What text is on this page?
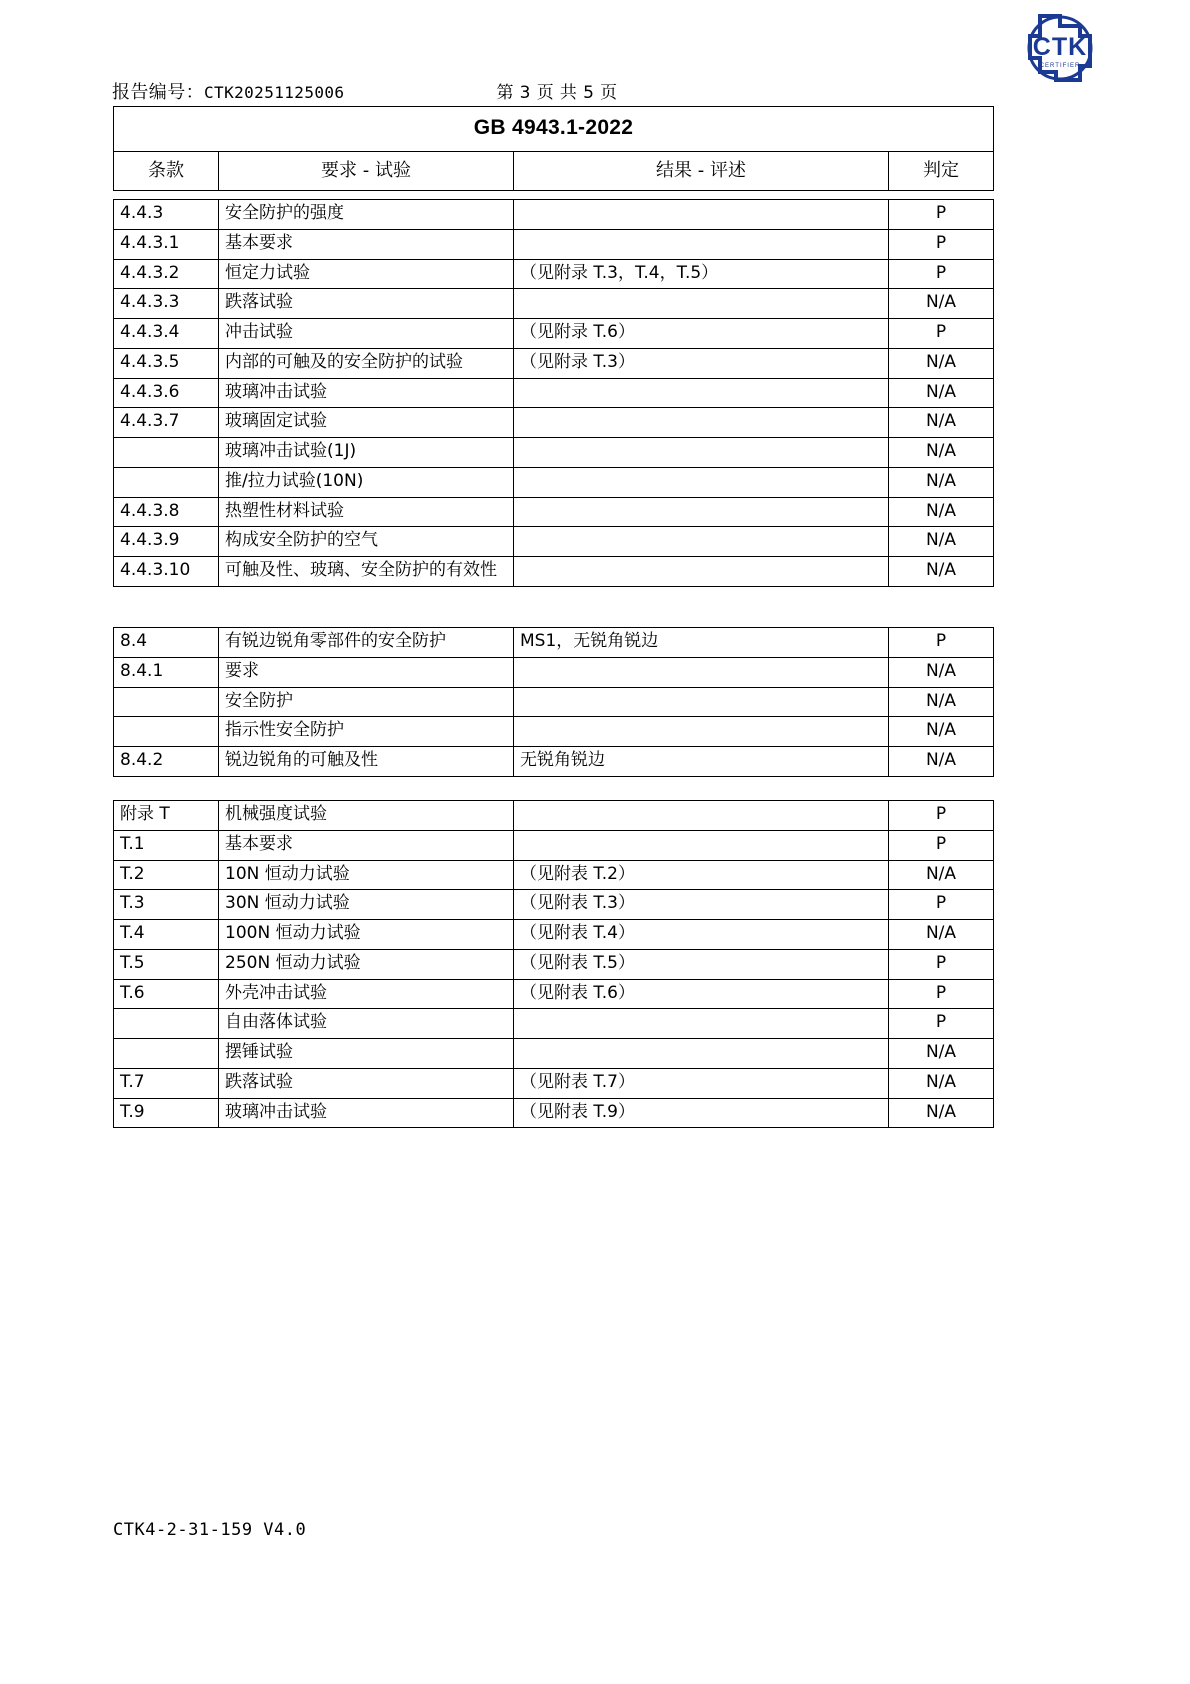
CTK
CERTIFIER
报告编号：CTK20251125006	第 3 页 共 5 页
GB 4943.1-2022
条款	要求 - 试验	结果 - 评述	判定
4.4.3	安全防护的强度		P
4.4.3.1	基本要求		P
4.4.3.2	恒定力试验	（见附录 T.3，T.4，T.5）	P
4.4.3.3	跌落试验		N/A
4.4.3.4	冲击试验	（见附录 T.6）	P
4.4.3.5	内部的可触及的安全防护的试验	（见附录 T.3）	N/A
4.4.3.6	玻璃冲击试验		N/A
4.4.3.7	玻璃固定试验		N/A
	玻璃冲击试验(1J)		N/A
	推/拉力试验(10N)		N/A
4.4.3.8	热塑性材料试验		N/A
4.4.3.9	构成安全防护的空气		N/A
4.4.3.10	可触及性、玻璃、安全防护的有效性		N/A
8.4	有锐边锐角零部件的安全防护	MS1，无锐角锐边	P
8.4.1	要求		N/A
	安全防护		N/A
	指示性安全防护		N/A
8.4.2	锐边锐角的可触及性	无锐角锐边	N/A
附录 T	机械强度试验		P
T.1	基本要求		P
T.2	10N 恒动力试验	（见附表 T.2）	N/A
T.3	30N 恒动力试验	（见附表 T.3）	P
T.4	100N 恒动力试验	（见附表 T.4）	N/A
T.5	250N 恒动力试验	（见附表 T.5）	P
T.6	外壳冲击试验	（见附表 T.6）	P
	自由落体试验		P
	摆锤试验		N/A
T.7	跌落试验	（见附表 T.7）	N/A
T.9	玻璃冲击试验	（见附表 T.9）	N/A
CTK4-2-31-159 V4.0
